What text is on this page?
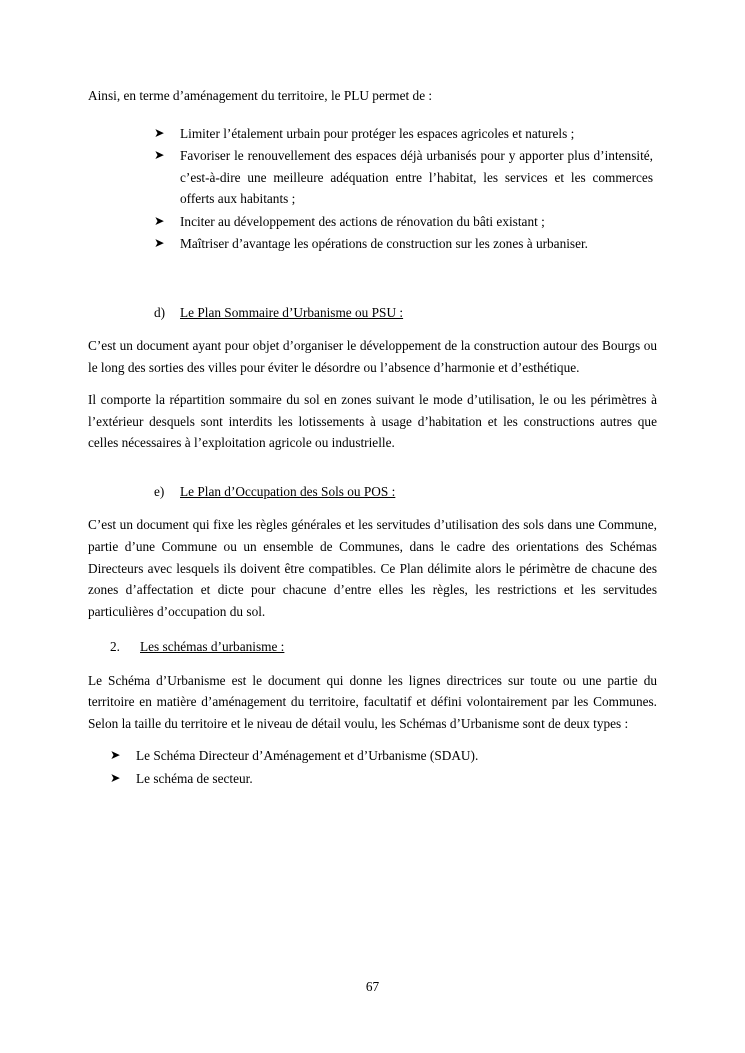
Ainsi, en terme d’aménagement du territoire, le PLU permet de :

➤ Limiter l’étalement urbain pour protéger les espaces agricoles et naturels ;
➤ Favoriser le renouvellement des espaces déjà urbanisés pour y apporter plus d’intensité, c’est-à-dire une meilleure adéquation entre l’habitat, les services et les commerces offerts aux habitants ;
➤ Inciter au développement des actions de rénovation du bâti existant ;
➤ Maîtriser d’avantage les opérations de construction sur les zones à urbaniser.
d) Le Plan Sommaire d’Urbanisme ou PSU :

C’est un document ayant pour objet d’organiser le développement de la construction autour des Bourgs ou le long des sorties des villes pour éviter le désordre ou l’absence d’harmonie et d’esthétique.

Il comporte la répartition sommaire du sol en zones suivant le mode d’utilisation, le ou les périmètres à l’extérieur desquels sont interdits les lotissements à usage d’habitation et les constructions autres que celles nécessaires à l’exploitation agricole ou industrielle.

e) Le Plan d’Occupation des Sols ou POS :

C’est un document qui fixe les règles générales et les servitudes d’utilisation des sols dans une Commune, partie d’une Commune ou un ensemble de Communes, dans le cadre des orientations des Schémas Directeurs avec lesquels ils doivent être compatibles. Ce Plan délimite alors le périmètre de chacune des zones d’affectation et dicte pour chacune d’entre elles les règles, les restrictions et les servitudes particulières d’occupation du sol.

2. Les schémas d’urbanisme :

Le Schéma d’Urbanisme est le document qui donne les lignes directrices sur toute ou une partie du territoire en matière d’aménagement du territoire, facultatif et défini volontairement par les Communes. Selon la taille du territoire et le niveau de détail voulu, les Schémas d’Urbanisme sont de deux types :

➤ Le Schéma Directeur d’Aménagement et d’Urbanisme (SDAU).
➤ Le schéma de secteur.
67
